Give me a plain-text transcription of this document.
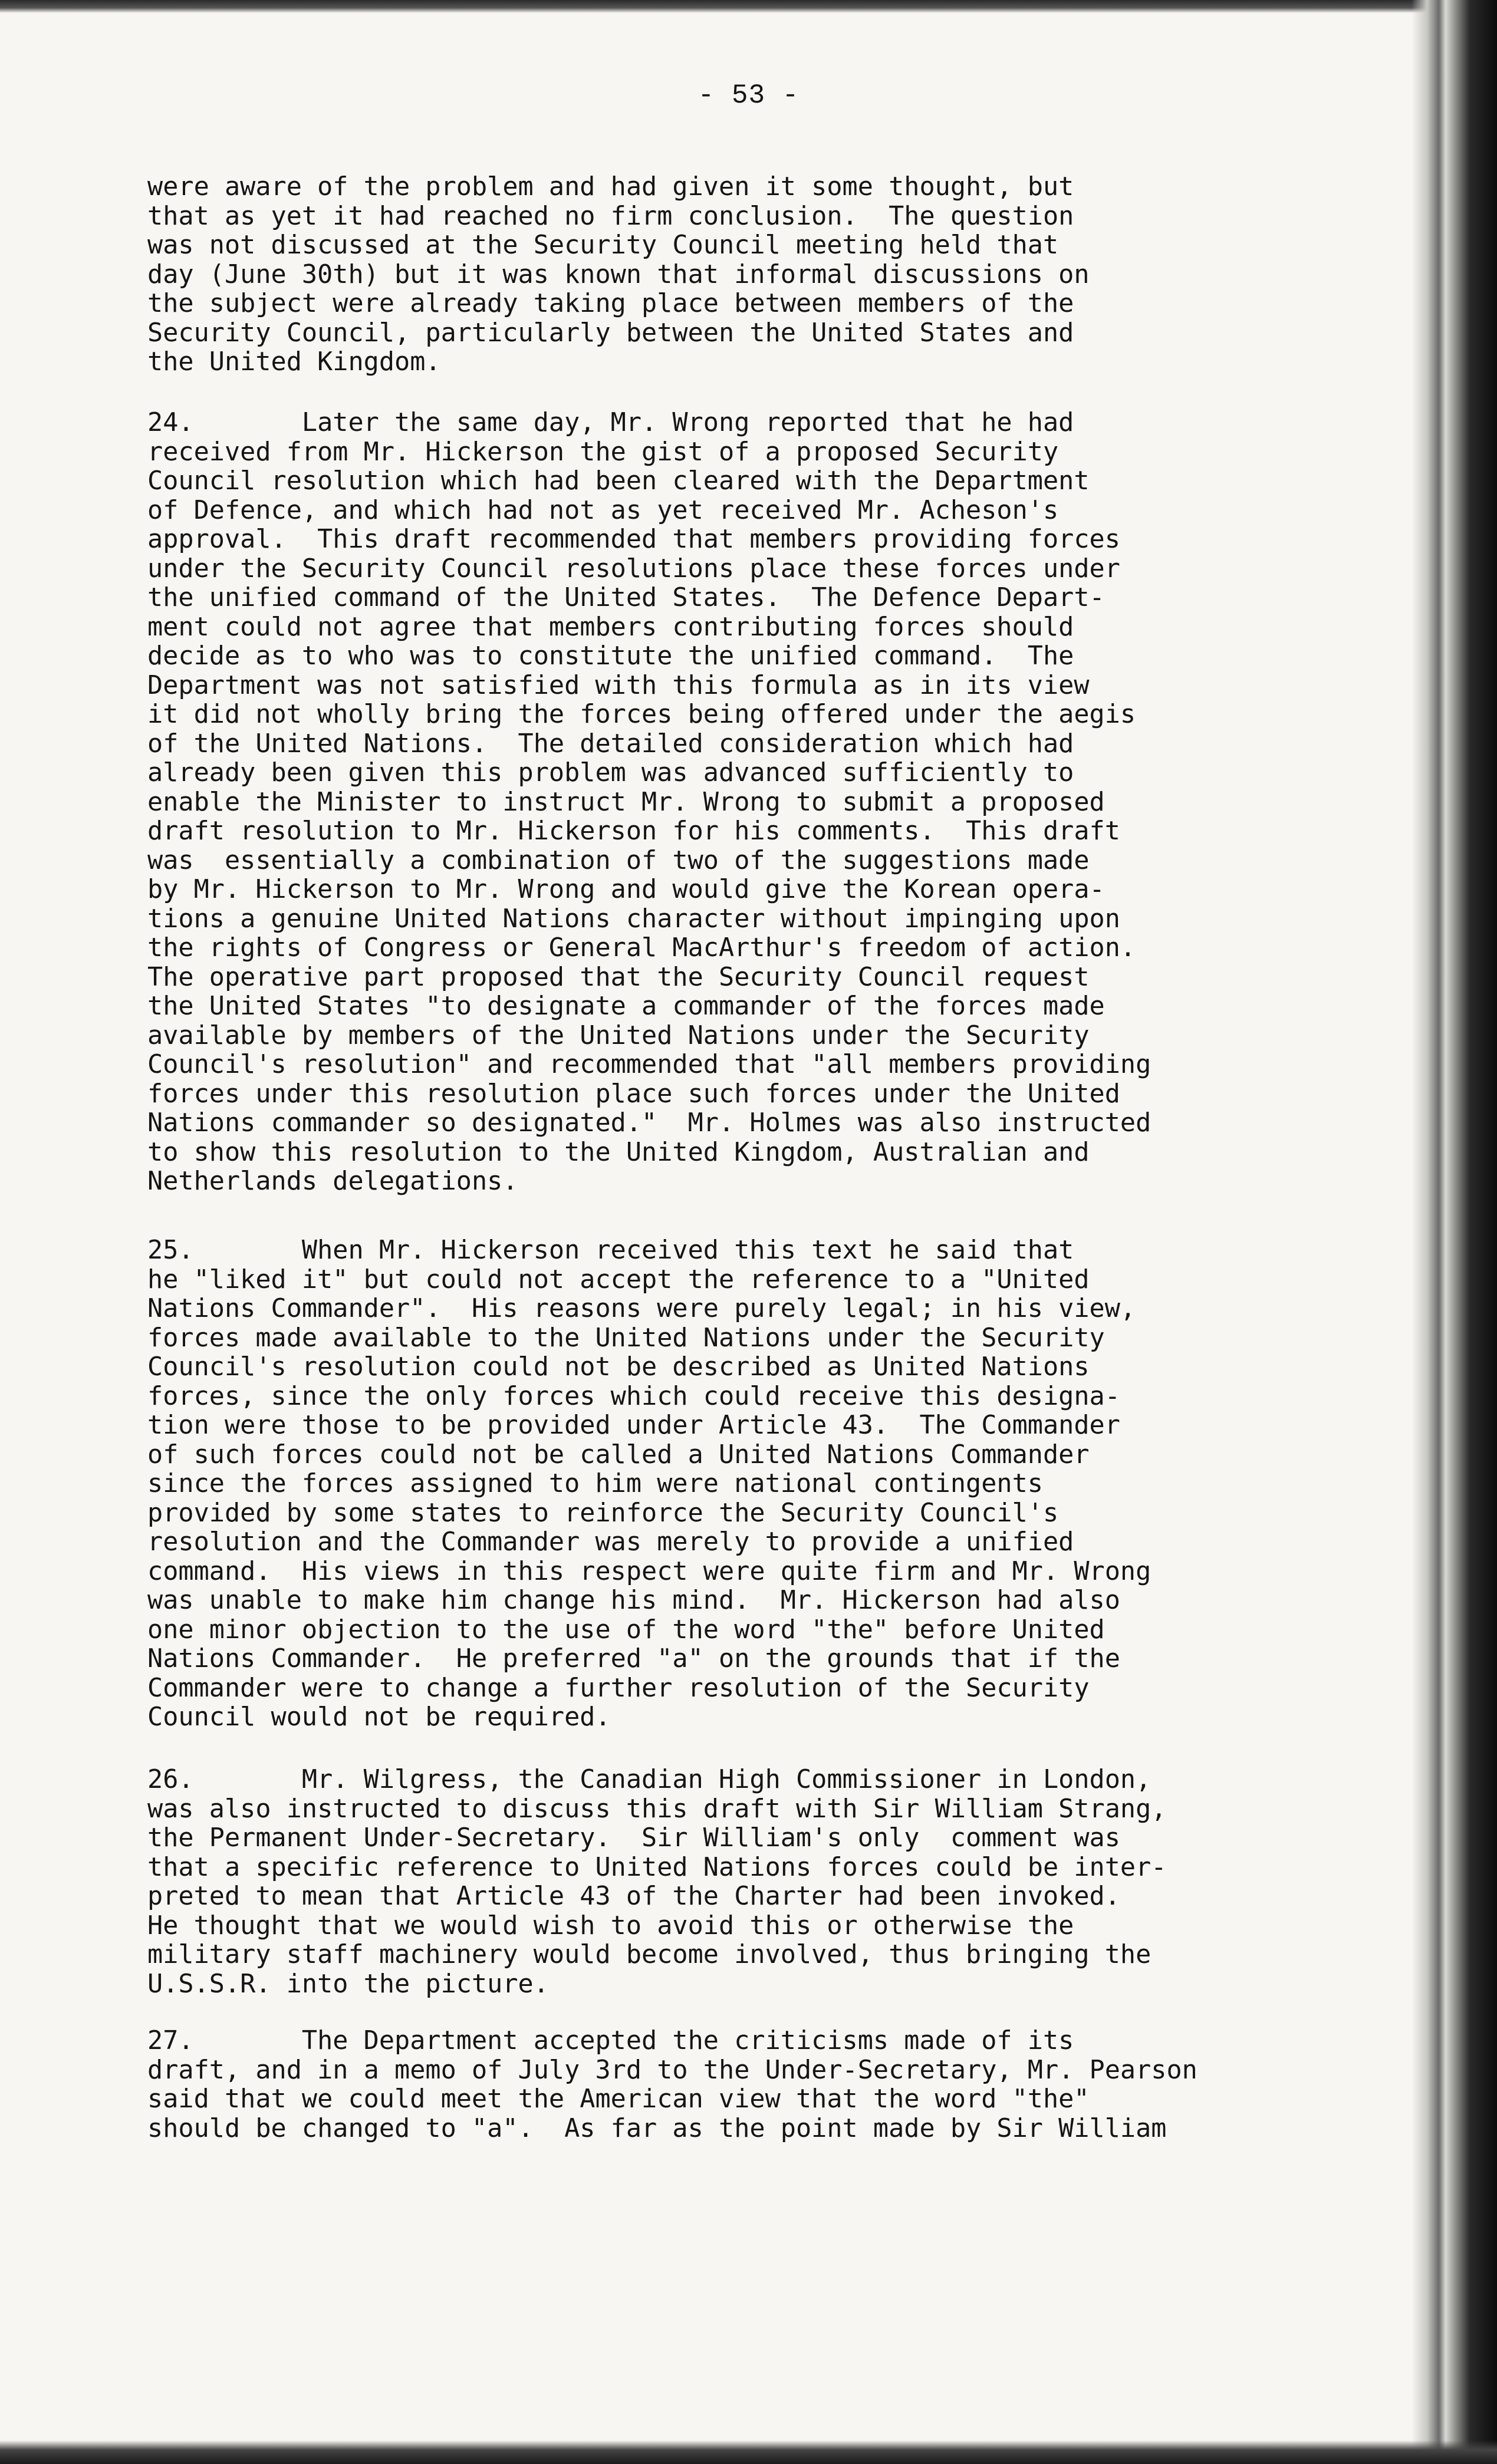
- 53 -
were aware of the problem and had given it some thought, but
that as yet it had reached no firm conclusion.  The question
was not discussed at the Security Council meeting held that
day (June 30th) but it was known that informal discussions on
the subject were already taking place between members of the
Security Council, particularly between the United States and
the United Kingdom.
24.       Later the same day, Mr. Wrong reported that he had
received from Mr. Hickerson the gist of a proposed Security
Council resolution which had been cleared with the Department
of Defence, and which had not as yet received Mr. Acheson's
approval.  This draft recommended that members providing forces
under the Security Council resolutions place these forces under
the unified command of the United States.  The Defence Depart-
ment could not agree that members contributing forces should
decide as to who was to constitute the unified command.  The
Department was not satisfied with this formula as in its view
it did not wholly bring the forces being offered under the aegis
of the United Nations.  The detailed consideration which had
already been given this problem was advanced sufficiently to
enable the Minister to instruct Mr. Wrong to submit a proposed
draft resolution to Mr. Hickerson for his comments.  This draft
was  essentially a combination of two of the suggestions made
by Mr. Hickerson to Mr. Wrong and would give the Korean opera-
tions a genuine United Nations character without impinging upon
the rights of Congress or General MacArthur's freedom of action.
The operative part proposed that the Security Council request
the United States "to designate a commander of the forces made
available by members of the United Nations under the Security
Council's resolution" and recommended that "all members providing
forces under this resolution place such forces under the United
Nations commander so designated."  Mr. Holmes was also instructed
to show this resolution to the United Kingdom, Australian and
Netherlands delegations.
25.       When Mr. Hickerson received this text he said that
he "liked it" but could not accept the reference to a "United
Nations Commander".  His reasons were purely legal; in his view,
forces made available to the United Nations under the Security
Council's resolution could not be described as United Nations
forces, since the only forces which could receive this designa-
tion were those to be provided under Article 43.  The Commander
of such forces could not be called a United Nations Commander
since the forces assigned to him were national contingents
provided by some states to reinforce the Security Council's
resolution and the Commander was merely to provide a unified
command.  His views in this respect were quite firm and Mr. Wrong
was unable to make him change his mind.  Mr. Hickerson had also
one minor objection to the use of the word "the" before United
Nations Commander.  He preferred "a" on the grounds that if the
Commander were to change a further resolution of the Security
Council would not be required.
26.       Mr. Wilgress, the Canadian High Commissioner in London,
was also instructed to discuss this draft with Sir William Strang,
the Permanent Under-Secretary.  Sir William's only  comment was
that a specific reference to United Nations forces could be inter-
preted to mean that Article 43 of the Charter had been invoked.
He thought that we would wish to avoid this or otherwise the
military staff machinery would become involved, thus bringing the
U.S.S.R. into the picture.
27.       The Department accepted the criticisms made of its
draft, and in a memo of July 3rd to the Under-Secretary, Mr. Pearson
said that we could meet the American view that the word "the"
should be changed to "a".  As far as the point made by Sir William
